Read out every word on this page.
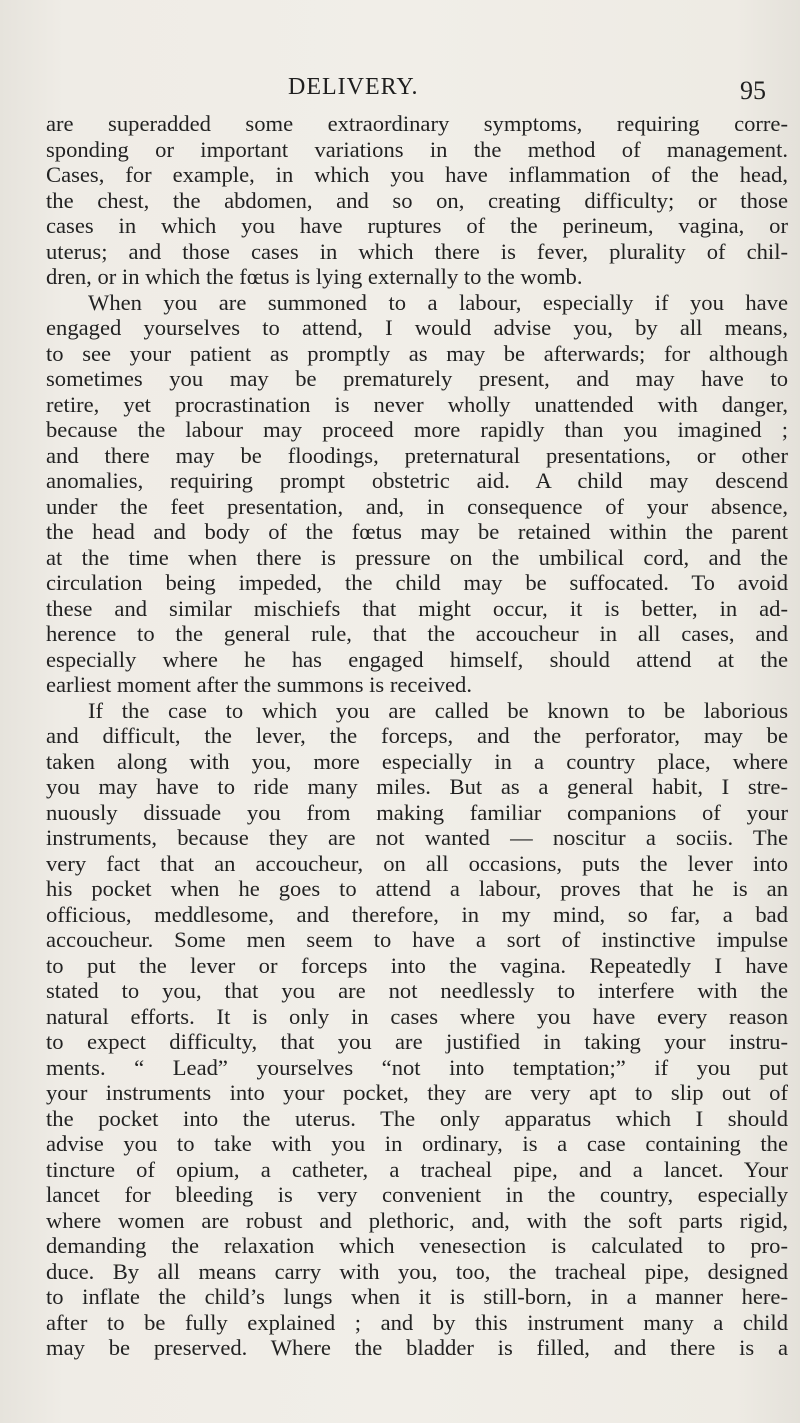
DELIVERY.	95
are superadded some extraordinary symptoms, requiring corre-
sponding or important variations in the method of management.
Cases, for example, in which you have inflammation of the head,
the chest, the abdomen, and so on, creating difficulty; or those
cases in which you have ruptures of the perineum, vagina, or
uterus; and those cases in which there is fever, plurality of chil-
dren, or in which the fœtus is lying externally to the womb.
When you are summoned to a labour, especially if you have
engaged yourselves to attend, I would advise you, by all means,
to see your patient as promptly as may be afterwards; for although
sometimes you may be prematurely present, and may have to
retire, yet procrastination is never wholly unattended with danger,
because the labour may proceed more rapidly than you imagined ;
and there may be floodings, preternatural presentations, or other
anomalies, requiring prompt obstetric aid. A child may descend
under the feet presentation, and, in consequence of your absence,
the head and body of the fœtus may be retained within the parent
at the time when there is pressure on the umbilical cord, and the
circulation being impeded, the child may be suffocated. To avoid
these and similar mischiefs that might occur, it is better, in ad-
herence to the general rule, that the accoucheur in all cases, and
especially where he has engaged himself, should attend at the
earliest moment after the summons is received.
If the case to which you are called be known to be laborious
and difficult, the lever, the forceps, and the perforator, may be
taken along with you, more especially in a country place, where
you may have to ride many miles. But as a general habit, I stre-
nuously dissuade you from making familiar companions of your
instruments, because they are not wanted — noscitur a sociis. The
very fact that an accoucheur, on all occasions, puts the lever into
his pocket when he goes to attend a labour, proves that he is an
officious, meddlesome, and therefore, in my mind, so far, a bad
accoucheur. Some men seem to have a sort of instinctive impulse
to put the lever or forceps into the vagina. Repeatedly I have
stated to you, that you are not needlessly to interfere with the
natural efforts. It is only in cases where you have every reason
to expect difficulty, that you are justified in taking your instru-
ments. “ Lead” yourselves “not into temptation;” if you put
your instruments into your pocket, they are very apt to slip out of
the pocket into the uterus. The only apparatus which I should
advise you to take with you in ordinary, is a case containing the
tincture of opium, a catheter, a tracheal pipe, and a lancet. Your
lancet for bleeding is very convenient in the country, especially
where women are robust and plethoric, and, with the soft parts rigid,
demanding the relaxation which venesection is calculated to pro-
duce. By all means carry with you, too, the tracheal pipe, designed
to inflate the child’s lungs when it is still-born, in a manner here-
after to be fully explained ; and by this instrument many a child
may be preserved. Where the bladder is filled, and there is a
